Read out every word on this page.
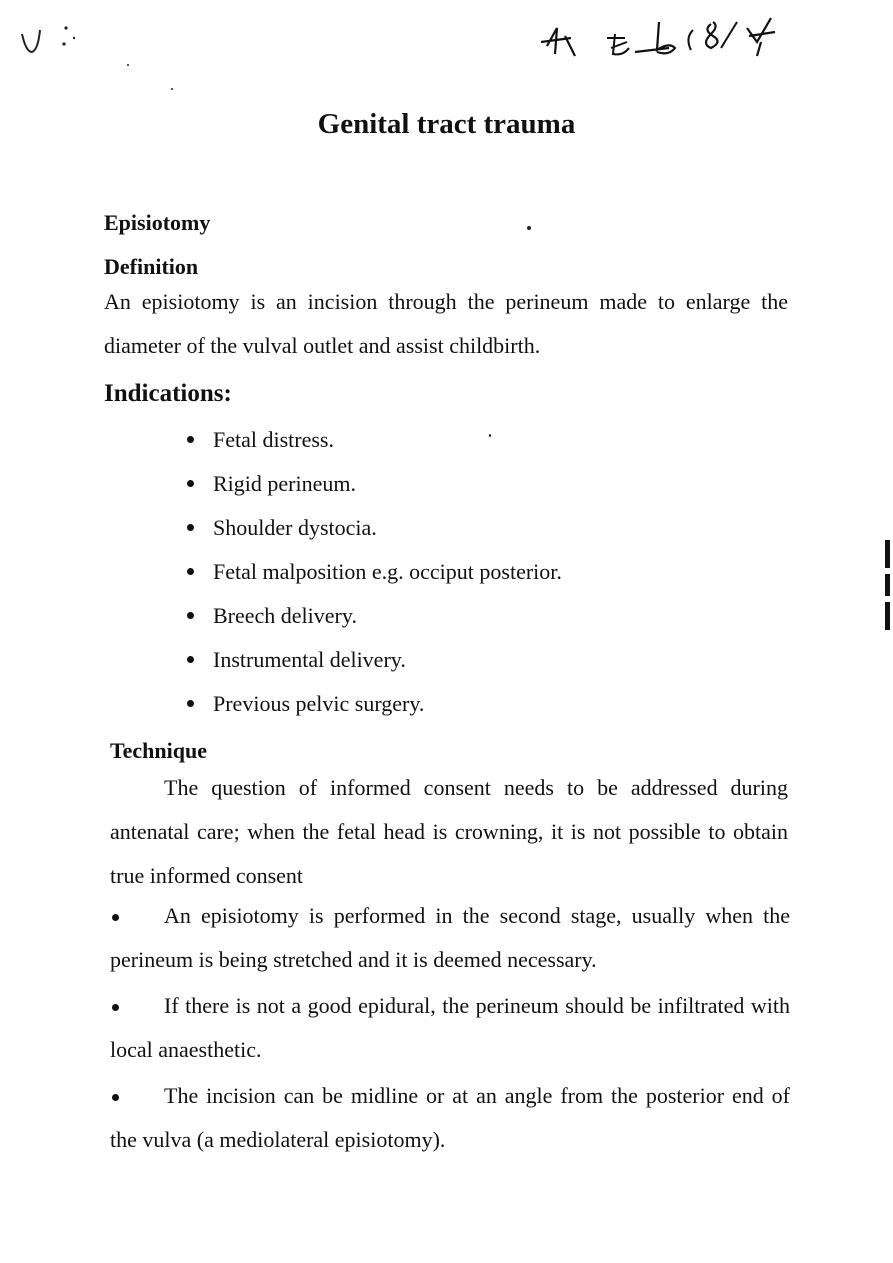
Genital tract trauma

Episiotomy

Definition

An episiotomy is an incision through the perineum made to enlarge the diameter of the vulval outlet and assist childbirth.

Indications:

Fetal distress.
Rigid perineum.
Shoulder dystocia.
Fetal malposition e.g. occiput posterior.
Breech delivery.
Instrumental delivery.
Previous pelvic surgery.

Technique

The question of informed consent needs to be addressed during antenatal care; when the fetal head is crowning, it is not possible to obtain true informed consent

An episiotomy is performed in the second stage, usually when the perineum is being stretched and it is deemed necessary.
If there is not a good epidural, the perineum should be infiltrated with local anaesthetic.
The incision can be midline or at an angle from the posterior end of the vulva (a mediolateral episiotomy).
